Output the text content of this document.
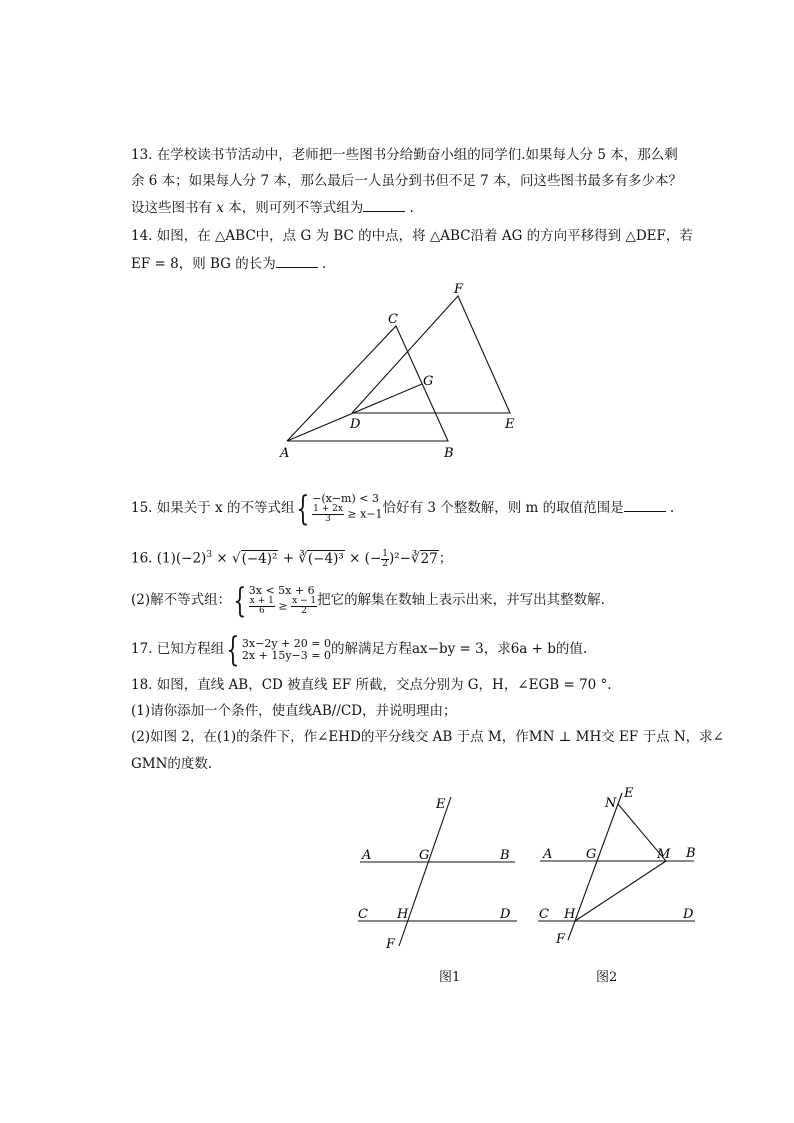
13. 在学校读书节活动中，老师把一些图书分给勤奋小组的同学们.如果每人分 5 本，那么剩
余 6 本；如果每人分 7 本，那么最后一人虽分到书但不足 7 本，问这些图书最多有多少本？
设这些图书有 x 本，则可列不等式组为	.
14. 如图，在 △ABC中，点 G 为 BC 的中点，将 △ABC沿着 AG 的方向平移得到 △DEF，若
EF = 8，则 BG 的长为	.
A	B
C
D	E
F
G
15. 如果关于 x 的不等式组{ −(x−m) < 3
$\frac{1 + 2x}{3} \ge x-1$ 恰好有 3 个整数解，则 m 的取值范围是	.
16. $(1)(-2)^3 \times √(-4)^2$ + ∛(−4)³ × (− $\frac{1}{2}$ )²−∛27；
(2)解不等式组：{ 3x < 5x + 6
$\frac{x + 1}{6} \ge \frac{x - 1}{2}$ 把它的解集在数轴上表示出来，并写出其整数解.
17. 已知方程组{ 3x−2y + 20 = 0
2x + 15y−3 = 0 的解满足方程ax−by = 3，求6a + b的值.
18. 如图，直线 AB，CD 被直线 EF 所截，交点分别为 G，H，∠EGB = 70 °.
(1)请你添加一个条件，使直线AB//CD，并说明理由；
(2)如图 2，在(1)的条件下，作∠EHD的平分线交 AB 于点 M，作MN ⊥ MH交 EF 于点 N，求∠
GMN的度数.
E
A	G	B
C H	D
F
图1
N
E
A	G	M B
C H	D
F
图2
